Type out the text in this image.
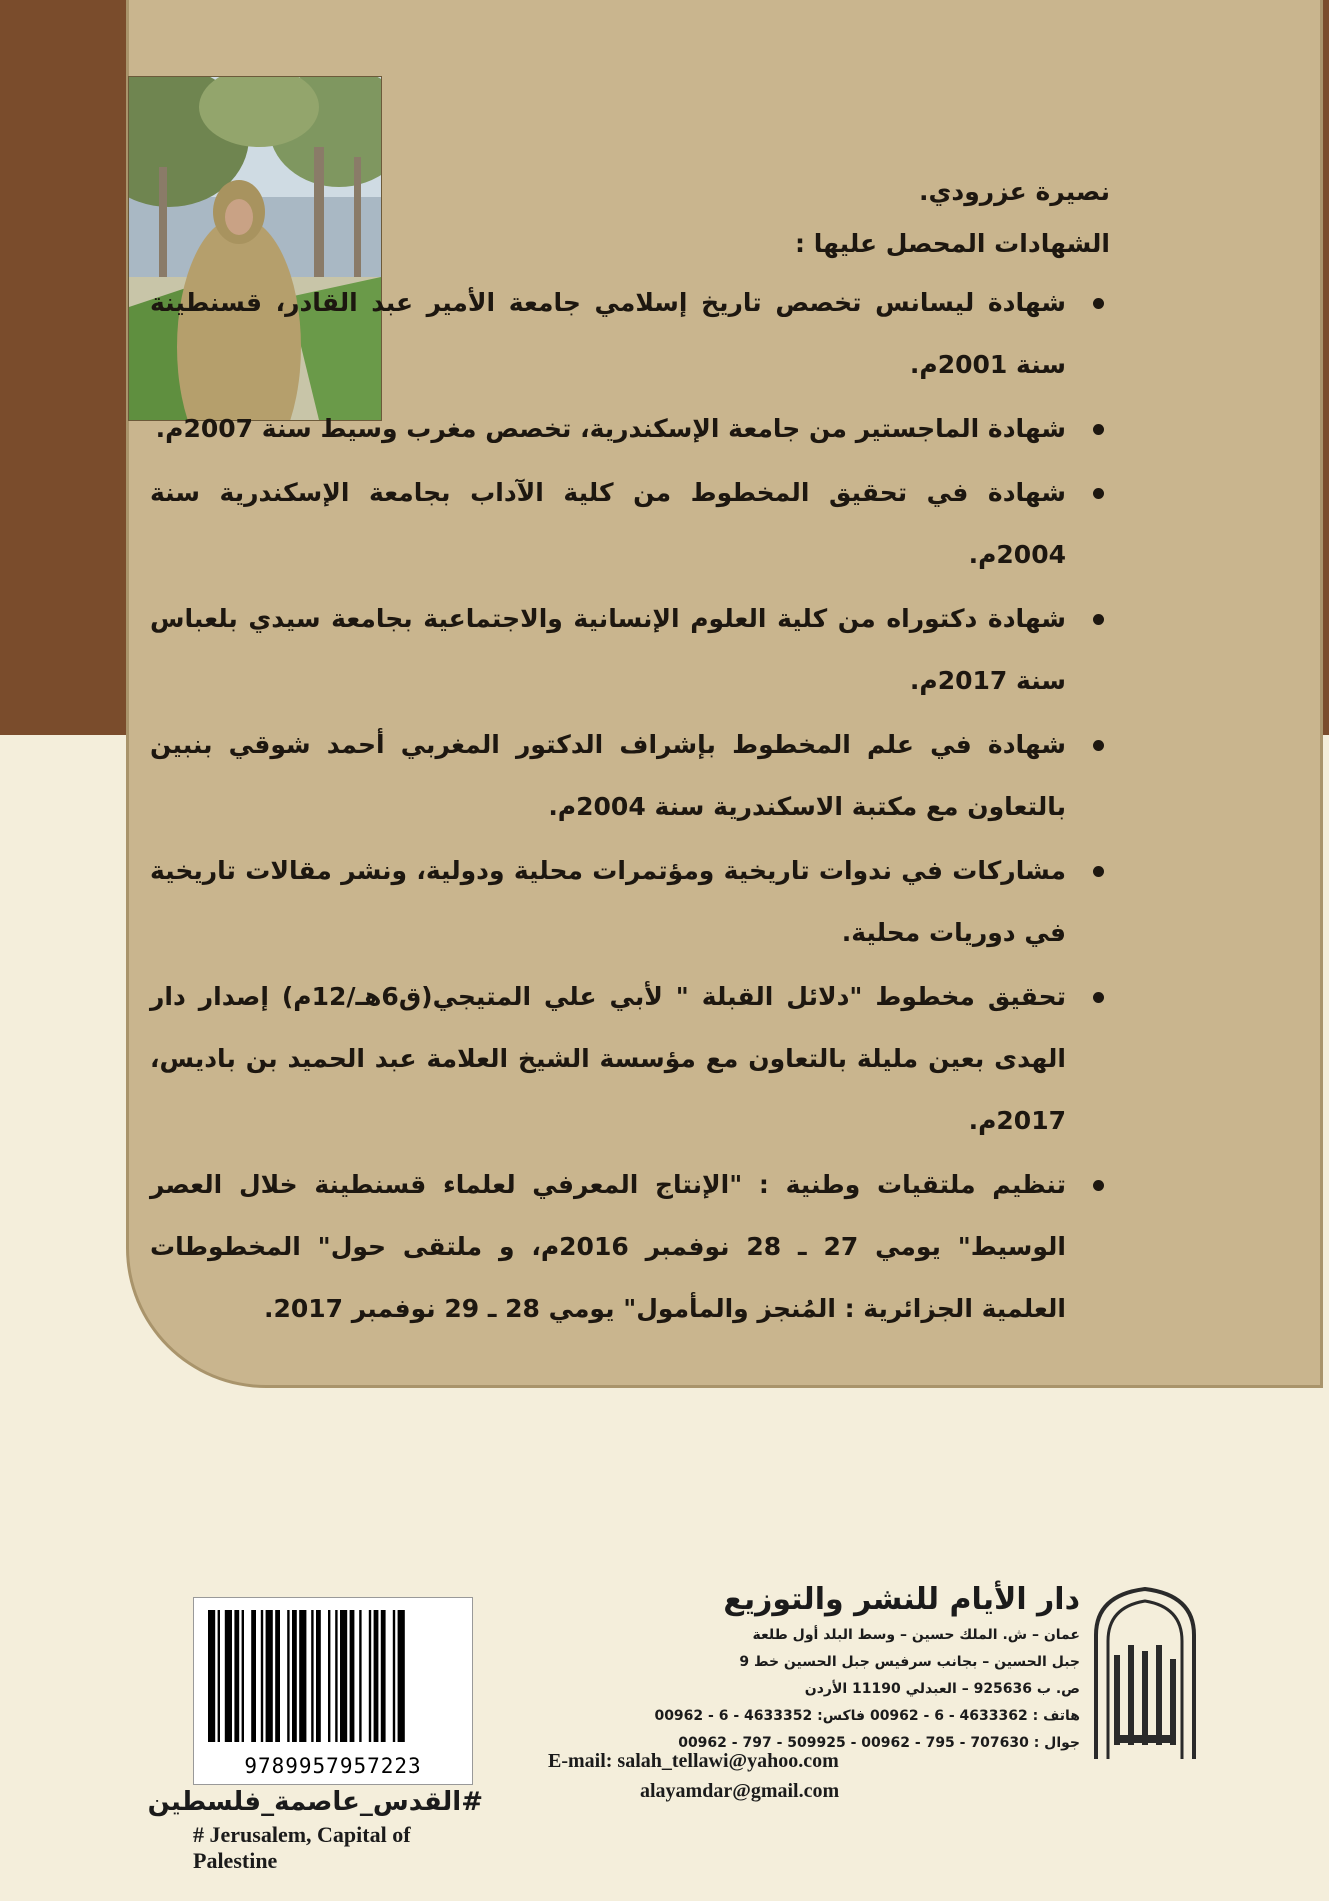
نصيرة عزرودي.

الشهادات المحصل عليها :

شهادة ليسانس تخصص تاريخ إسلامي جامعة الأمير عبد القادر، قسنطينة سنة 2001م.
شهادة الماجستير من جامعة الإسكندرية، تخصص مغرب وسيط سنة 2007م.
شهادة في تحقيق المخطوط من كلية الآداب بجامعة الإسكندرية سنة 2004م.
شهادة دكتوراه من كلية العلوم الإنسانية والاجتماعية بجامعة سيدي بلعباس سنة 2017م.
شهادة في علم المخطوط بإشراف الدكتور المغربي أحمد شوقي بنبين بالتعاون مع مكتبة الاسكندرية سنة 2004م.
مشاركات في ندوات تاريخية ومؤتمرات محلية ودولية، ونشر مقالات تاريخية في دوريات محلية.
تحقيق مخطوط "دلائل القبلة " لأبي علي المتيجي(ق6هـ/12م) إصدار دار الهدى بعين مليلة بالتعاون مع مؤسسة الشيخ العلامة عبد الحميد بن باديس، 2017م.
تنظيم ملتقيات وطنية : "الإنتاج المعرفي لعلماء قسنطينة خلال العصر الوسيط" يومي 27 ـ 28 نوفمبر 2016م، و ملتقى حول" المخطوطات العلمية الجزائرية : المُنجز والمأمول" يومي 28 ـ 29 نوفمبر 2017.
9789957957223
#القدس_عاصمة_فلسطين
# Jerusalem, Capital of Palestine
دار الأيام للنشر والتوزيع
عمان – ش. الملك حسين – وسط البلد أول طلعة
جبل الحسين – بجانب سرفيس جبل الحسين خط 9
ص. ب 925636 – العبدلي 11190 الأردن
هاتف : 4633362 - 6 - 00962 فاكس: 4633352 - 6 - 00962
جوال : 707630 - 795 - 00962 - 509925 - 797 - 00962
E-mail: salah_tellawi@yahoo.com
alayamdar@gmail.com
